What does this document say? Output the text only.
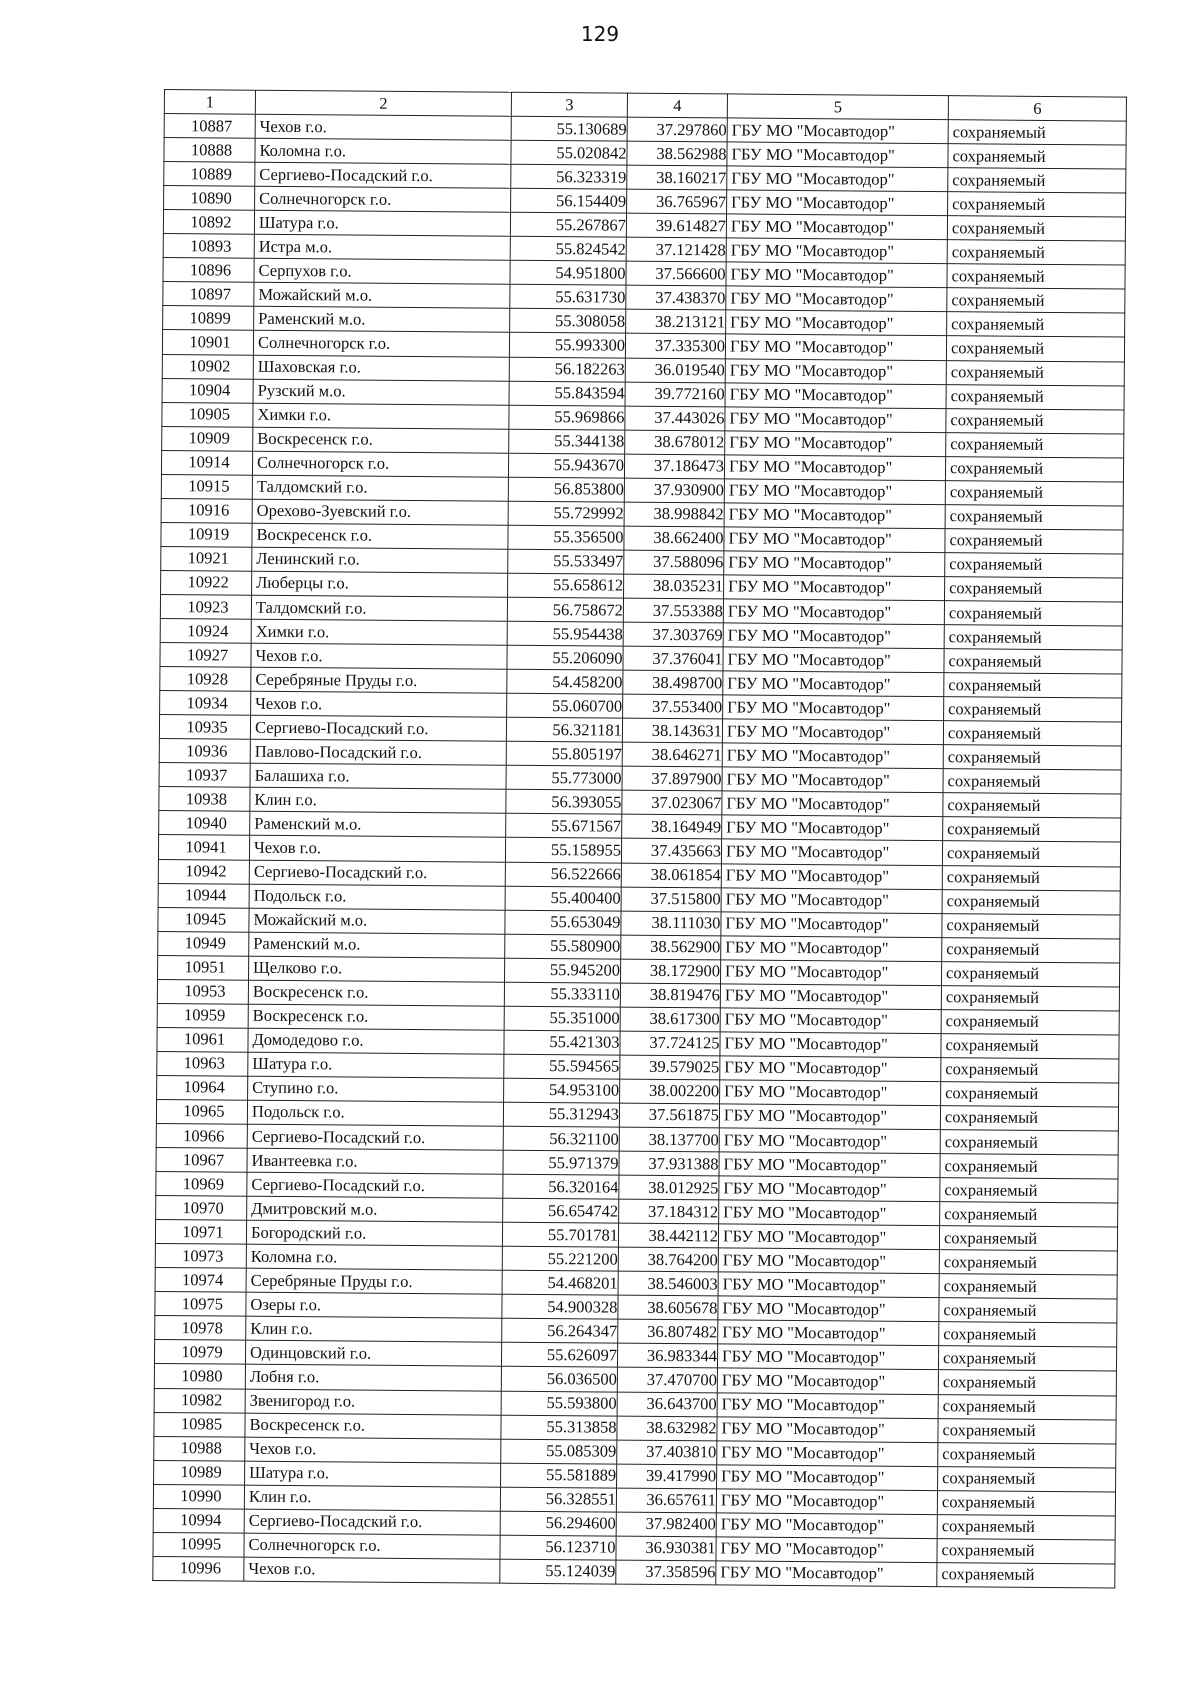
129
1	2	3	4	5	6
10887	Чехов г.о.	55.130689	37.297860	ГБУ МО "Мосавтодор"	сохраняемый
10888	Коломна г.о.	55.020842	38.562988	ГБУ МО "Мосавтодор"	сохраняемый
10889	Сергиево-Посадский г.о.	56.323319	38.160217	ГБУ МО "Мосавтодор"	сохраняемый
10890	Солнечногорск г.о.	56.154409	36.765967	ГБУ МО "Мосавтодор"	сохраняемый
10892	Шатура г.о.	55.267867	39.614827	ГБУ МО "Мосавтодор"	сохраняемый
10893	Истра м.о.	55.824542	37.121428	ГБУ МО "Мосавтодор"	сохраняемый
10896	Серпухов г.о.	54.951800	37.566600	ГБУ МО "Мосавтодор"	сохраняемый
10897	Можайский м.о.	55.631730	37.438370	ГБУ МО "Мосавтодор"	сохраняемый
10899	Раменский м.о.	55.308058	38.213121	ГБУ МО "Мосавтодор"	сохраняемый
10901	Солнечногорск г.о.	55.993300	37.335300	ГБУ МО "Мосавтодор"	сохраняемый
10902	Шаховская г.о.	56.182263	36.019540	ГБУ МО "Мосавтодор"	сохраняемый
10904	Рузский м.о.	55.843594	39.772160	ГБУ МО "Мосавтодор"	сохраняемый
10905	Химки г.о.	55.969866	37.443026	ГБУ МО "Мосавтодор"	сохраняемый
10909	Воскресенск г.о.	55.344138	38.678012	ГБУ МО "Мосавтодор"	сохраняемый
10914	Солнечногорск г.о.	55.943670	37.186473	ГБУ МО "Мосавтодор"	сохраняемый
10915	Талдомский г.о.	56.853800	37.930900	ГБУ МО "Мосавтодор"	сохраняемый
10916	Орехово-Зуевский г.о.	55.729992	38.998842	ГБУ МО "Мосавтодор"	сохраняемый
10919	Воскресенск г.о.	55.356500	38.662400	ГБУ МО "Мосавтодор"	сохраняемый
10921	Ленинский г.о.	55.533497	37.588096	ГБУ МО "Мосавтодор"	сохраняемый
10922	Люберцы г.о.	55.658612	38.035231	ГБУ МО "Мосавтодор"	сохраняемый
10923	Талдомский г.о.	56.758672	37.553388	ГБУ МО "Мосавтодор"	сохраняемый
10924	Химки г.о.	55.954438	37.303769	ГБУ МО "Мосавтодор"	сохраняемый
10927	Чехов г.о.	55.206090	37.376041	ГБУ МО "Мосавтодор"	сохраняемый
10928	Серебряные Пруды г.о.	54.458200	38.498700	ГБУ МО "Мосавтодор"	сохраняемый
10934	Чехов г.о.	55.060700	37.553400	ГБУ МО "Мосавтодор"	сохраняемый
10935	Сергиево-Посадский г.о.	56.321181	38.143631	ГБУ МО "Мосавтодор"	сохраняемый
10936	Павлово-Посадский г.о.	55.805197	38.646271	ГБУ МО "Мосавтодор"	сохраняемый
10937	Балашиха г.о.	55.773000	37.897900	ГБУ МО "Мосавтодор"	сохраняемый
10938	Клин г.о.	56.393055	37.023067	ГБУ МО "Мосавтодор"	сохраняемый
10940	Раменский м.о.	55.671567	38.164949	ГБУ МО "Мосавтодор"	сохраняемый
10941	Чехов г.о.	55.158955	37.435663	ГБУ МО "Мосавтодор"	сохраняемый
10942	Сергиево-Посадский г.о.	56.522666	38.061854	ГБУ МО "Мосавтодор"	сохраняемый
10944	Подольск г.о.	55.400400	37.515800	ГБУ МО "Мосавтодор"	сохраняемый
10945	Можайский м.о.	55.653049	38.111030	ГБУ МО "Мосавтодор"	сохраняемый
10949	Раменский м.о.	55.580900	38.562900	ГБУ МО "Мосавтодор"	сохраняемый
10951	Щелково г.о.	55.945200	38.172900	ГБУ МО "Мосавтодор"	сохраняемый
10953	Воскресенск г.о.	55.333110	38.819476	ГБУ МО "Мосавтодор"	сохраняемый
10959	Воскресенск г.о.	55.351000	38.617300	ГБУ МО "Мосавтодор"	сохраняемый
10961	Домодедово г.о.	55.421303	37.724125	ГБУ МО "Мосавтодор"	сохраняемый
10963	Шатура г.о.	55.594565	39.579025	ГБУ МО "Мосавтодор"	сохраняемый
10964	Ступино г.о.	54.953100	38.002200	ГБУ МО "Мосавтодор"	сохраняемый
10965	Подольск г.о.	55.312943	37.561875	ГБУ МО "Мосавтодор"	сохраняемый
10966	Сергиево-Посадский г.о.	56.321100	38.137700	ГБУ МО "Мосавтодор"	сохраняемый
10967	Ивантеевка г.о.	55.971379	37.931388	ГБУ МО "Мосавтодор"	сохраняемый
10969	Сергиево-Посадский г.о.	56.320164	38.012925	ГБУ МО "Мосавтодор"	сохраняемый
10970	Дмитровский м.о.	56.654742	37.184312	ГБУ МО "Мосавтодор"	сохраняемый
10971	Богородский г.о.	55.701781	38.442112	ГБУ МО "Мосавтодор"	сохраняемый
10973	Коломна г.о.	55.221200	38.764200	ГБУ МО "Мосавтодор"	сохраняемый
10974	Серебряные Пруды г.о.	54.468201	38.546003	ГБУ МО "Мосавтодор"	сохраняемый
10975	Озеры г.о.	54.900328	38.605678	ГБУ МО "Мосавтодор"	сохраняемый
10978	Клин г.о.	56.264347	36.807482	ГБУ МО "Мосавтодор"	сохраняемый
10979	Одинцовский г.о.	55.626097	36.983344	ГБУ МО "Мосавтодор"	сохраняемый
10980	Лобня г.о.	56.036500	37.470700	ГБУ МО "Мосавтодор"	сохраняемый
10982	Звенигород г.о.	55.593800	36.643700	ГБУ МО "Мосавтодор"	сохраняемый
10985	Воскресенск г.о.	55.313858	38.632982	ГБУ МО "Мосавтодор"	сохраняемый
10988	Чехов г.о.	55.085309	37.403810	ГБУ МО "Мосавтодор"	сохраняемый
10989	Шатура г.о.	55.581889	39.417990	ГБУ МО "Мосавтодор"	сохраняемый
10990	Клин г.о.	56.328551	36.657611	ГБУ МО "Мосавтодор"	сохраняемый
10994	Сергиево-Посадский г.о.	56.294600	37.982400	ГБУ МО "Мосавтодор"	сохраняемый
10995	Солнечногорск г.о.	56.123710	36.930381	ГБУ МО "Мосавтодор"	сохраняемый
10996	Чехов г.о.	55.124039	37.358596	ГБУ МО "Мосавтодор"	сохраняемый
